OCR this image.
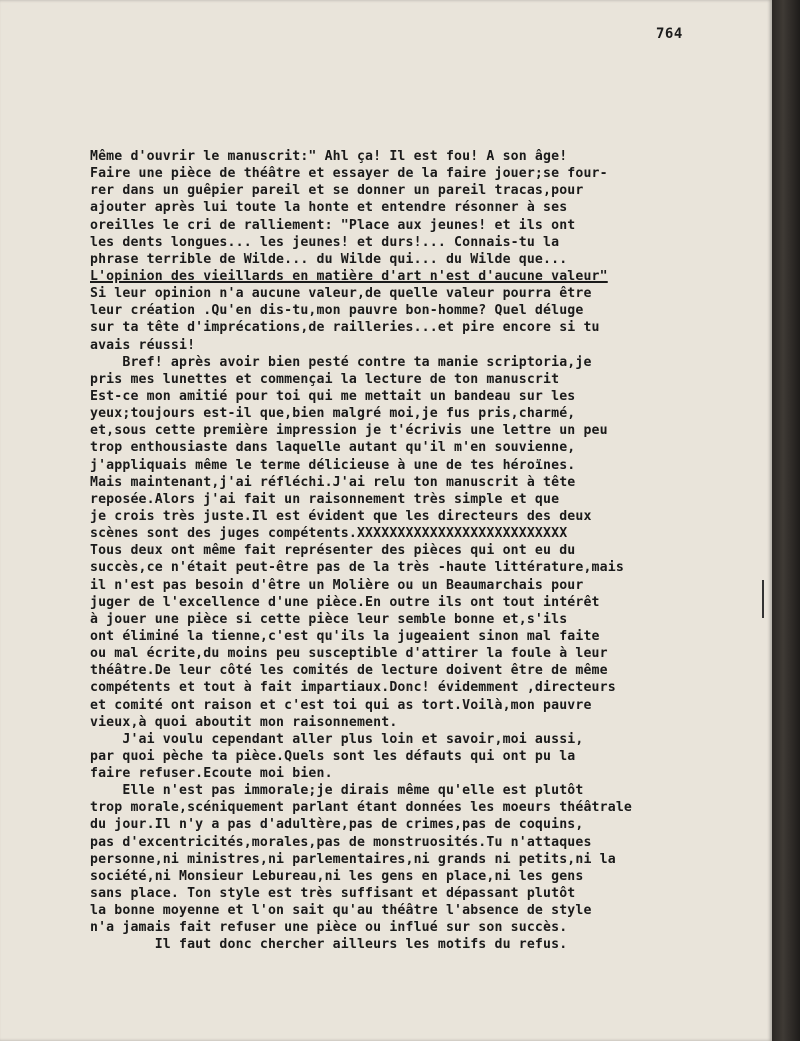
764
Même d'ouvrir le manuscrit:" Ahl ça! Il est fou! A son âge!
Faire une pièce de théâtre et essayer de la faire jouer;se four-
rer dans un guêpier pareil et se donner un pareil tracas,pour
ajouter après lui toute la honte et entendre résonner à ses
oreilles le cri de ralliement: "Place aux jeunes! et ils ont
les dents longues... les jeunes! et durs!... Connais-tu la
phrase terrible de Wilde... du Wilde qui... du Wilde que...
L'opinion des vieillards en matière d'art n'est d'aucune valeur"
Si leur opinion n'a aucune valeur,de quelle valeur pourra être
leur création .Qu'en dis-tu,mon pauvre bon-homme? Quel déluge
sur ta tête d'imprécations,de railleries...et pire encore si tu
avais réussi!
Bref! après avoir bien pesté contre ta manie scriptoria,je
pris mes lunettes et commençai la lecture de ton manuscrit
Est-ce mon amitié pour toi qui me mettait un bandeau sur les
yeux;toujours est-il que,bien malgré moi,je fus pris,charmé,
et,sous cette première impression je t'écrivis une lettre un peu
trop enthousiaste dans laquelle autant qu'il m'en souvienne,
j'appliquais même le terme délicieuse à une de tes héroïnes.
Mais maintenant,j'ai réfléchi.J'ai relu ton manuscrit à tête
reposée.Alors j'ai fait un raisonnement très simple et que
je crois très juste.Il est évident que les directeurs des deux
scènes sont des juges compétents.XXXXXXXXXXXXXXXXXXXXXXXXXX
Tous deux ont même fait représenter des pièces qui ont eu du
succès,ce n'était peut-être pas de la très -haute littérature,mais
il n'est pas besoin d'être un Molière ou un Beaumarchais pour
juger de l'excellence d'une pièce.En outre ils ont tout intérêt
à jouer une pièce si cette pièce leur semble bonne et,s'ils
ont éliminé la tienne,c'est qu'ils la jugeaient sinon mal faite
ou mal écrite,du moins peu susceptible d'attirer la foule à leur
théâtre.De leur côté les comités de lecture doivent être de même
compétents et tout à fait impartiaux.Donc! évidemment ,directeurs
et comité ont raison et c'est toi qui as tort.Voilà,mon pauvre
vieux,à quoi aboutit mon raisonnement.
J'ai voulu cependant aller plus loin et savoir,moi aussi,
par quoi pèche ta pièce.Quels sont les défauts qui ont pu la
faire refuser.Ecoute moi bien.
Elle n'est pas immorale;je dirais même qu'elle est plutôt
trop morale,scéniquement parlant étant données les moeurs théâtrale
du jour.Il n'y a pas d'adultère,pas de crimes,pas de coquins,
pas d'excentricités,morales,pas de monstruosités.Tu n'attaques
personne,ni ministres,ni parlementaires,ni grands ni petits,ni la
société,ni Monsieur Lebureau,ni les gens en place,ni les gens
sans place. Ton style est très suffisant et dépassant plutôt
la bonne moyenne et l'on sait qu'au théâtre l'absence de style
n'a jamais fait refuser une pièce ou influé sur son succès.
Il faut donc chercher ailleurs les motifs du refus.
